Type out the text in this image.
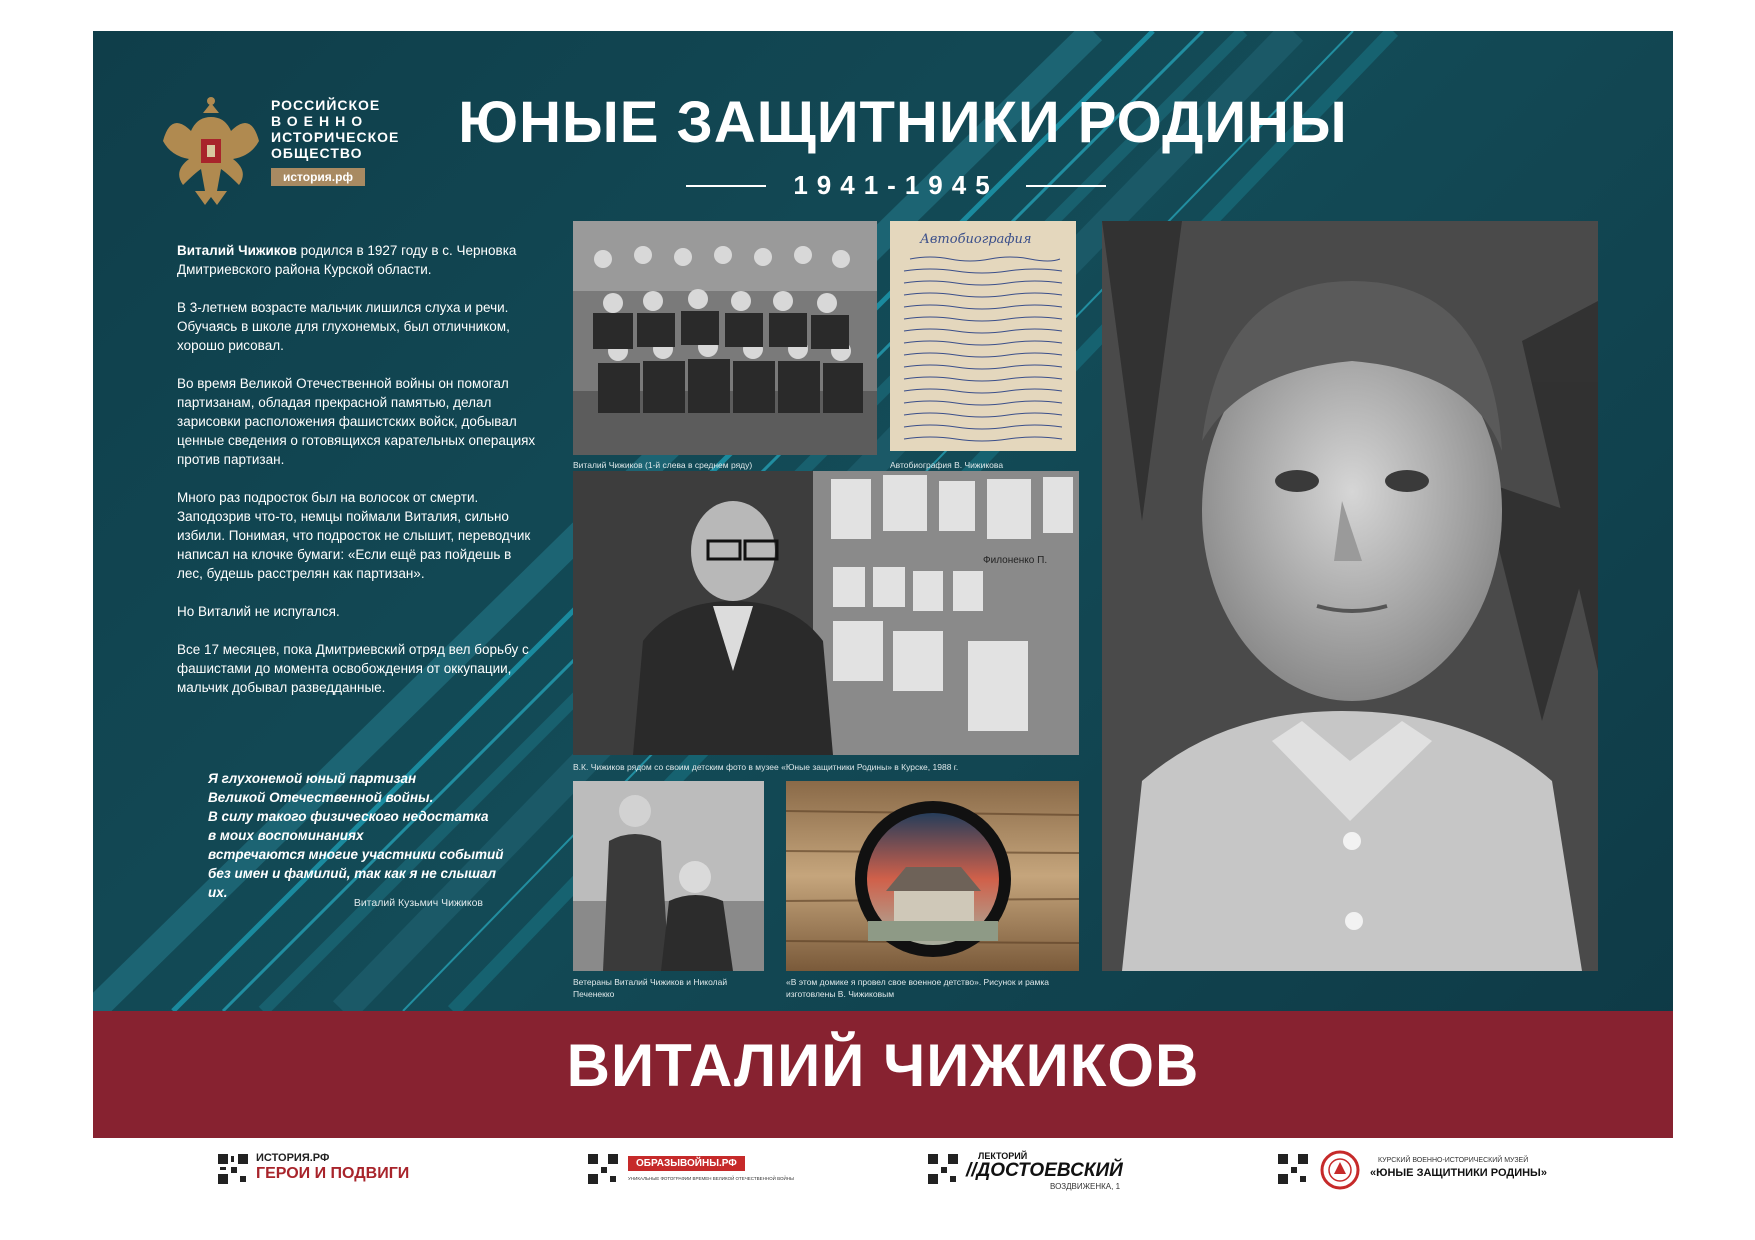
РОССИЙСКОЕ
ВОЕННО
ИСТОРИЧЕСКОЕ
ОБЩЕСТВО
история.рф
ЮНЫЕ ЗАЩИТНИКИ РОДИНЫ
1941-1945

Виталий Чижиков родился в 1927 году в с. Черновка Дмитриевского района Курской области.

В 3-летнем возрасте мальчик лишился слуха и речи. Обучаясь в школе для глухонемых, был отличником, хорошо рисовал.

Во время Великой Отечественной войны он помогал партизанам, обладая прекрасной памятью, делал зарисовки расположения фашистских войск, добывал ценные сведения о готовящихся карательных операциях против партизан.

Много раз подросток был на волосок от смерти. Заподозрив что-то, немцы поймали Виталия, сильно избили. Понимая, что подросток не слышит, переводчик написал на клочке бумаги: «Если ещё раз пойдешь в лес, будешь расстрелян как партизан».

Но Виталий не испугался.

Все 17 месяцев, пока Дмитриевский отряд вел борьбу с фашистами до момента освобождения от оккупации, мальчик добывал разведданные.

Я глухонемой юный партизан
Великой Отечественной войны.
В силу такого физического недостатка
в моих воспоминаниях
встречаются многие участники событий
без имен и фамилий, так как я не слышал их.
Виталий Кузьмич Чижиков
Виталий Чижиков (1-й слева в среднем ряду)
Автобиография
Автобиография В. Чижикова
Филоненко П.
В.К. Чижиков рядом со своим детским фото в музее «Юные защитники Родины» в Курске, 1988 г.
Ветераны Виталий Чижиков и Николай Печенекко
«В этом домике я провел свое военное детство». Рисунок и рамка изготовлены В. Чижиковым
ВИТАЛИЙ ЧИЖИКОВ
ИСТОРИЯ.РФ
ГЕРОИ И ПОДВИГИ
ОБРАЗЫВОЙНЫ.РФ
УНИКАЛЬНЫЕ ФОТОГРАФИИ ВРЕМЕН ВЕЛИКОЙ ОТЕЧЕСТВЕННОЙ ВОЙНЫ
ЛЕКТОРИЙ
//ДОСТОЕВСКИЙ
ВОЗДВИЖЕНКА, 1
КУРСКИЙ ВОЕННО-ИСТОРИЧЕСКИЙ МУЗЕЙ
«ЮНЫЕ ЗАЩИТНИКИ РОДИНЫ»
